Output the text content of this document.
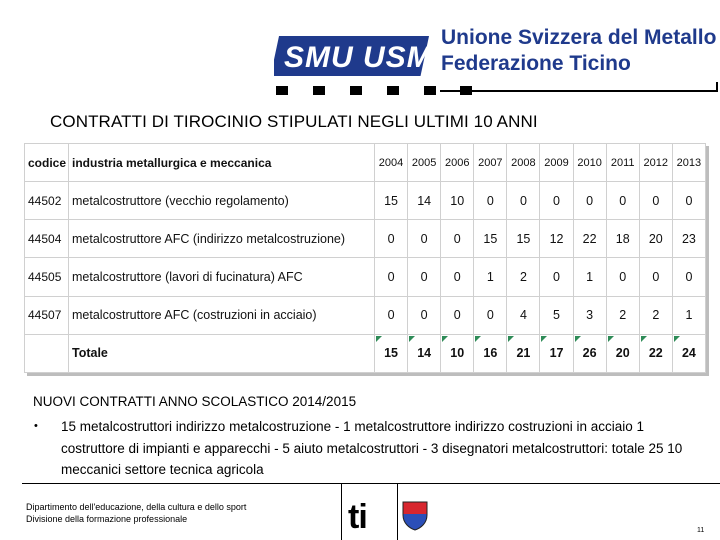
SMU USM
Unione Svizzera del Metallo
Federazione Ticino
CONTRATTI DI TIROCINIO STIPULATI NEGLI ULTIMI 10 ANNI
codice	industria metallurgica e meccanica	2004	2005	2006	2007	2008	2009	2010	2011	2012	2013
44502	metalcostruttore (vecchio regolamento)	15	14	10	0	0	0	0	0	0	0
44504	metalcostruttore AFC (indirizzo metalcostruzione)	0	0	0	15	15	12	22	18	20	23
44505	metalcostruttore (lavori di fucinatura) AFC	0	0	0	1	2	0	1	0	0	0
44507	metalcostruttore AFC (costruzioni in acciaio)	0	0	0	0	4	5	3	2	2	1
	Totale	15	14	10	16	21	17	26	20	22	24
NUOVI CONTRATTI ANNO SCOLASTICO 2014/2015
• 15 metalcostruttori indirizzo metalcostruzione - 1 metalcostruttore indirizzo costruzioni in acciaio 1 costruttore di impianti e apparecchi - 5 aiuto metalcostruttori - 3 disegnatori metalcostruttori: totale 25 10 meccanici settore tecnica agricola
Dipartimento dell'educazione, della cultura e dello sport
Divisione della formazione professionale	ti	11
